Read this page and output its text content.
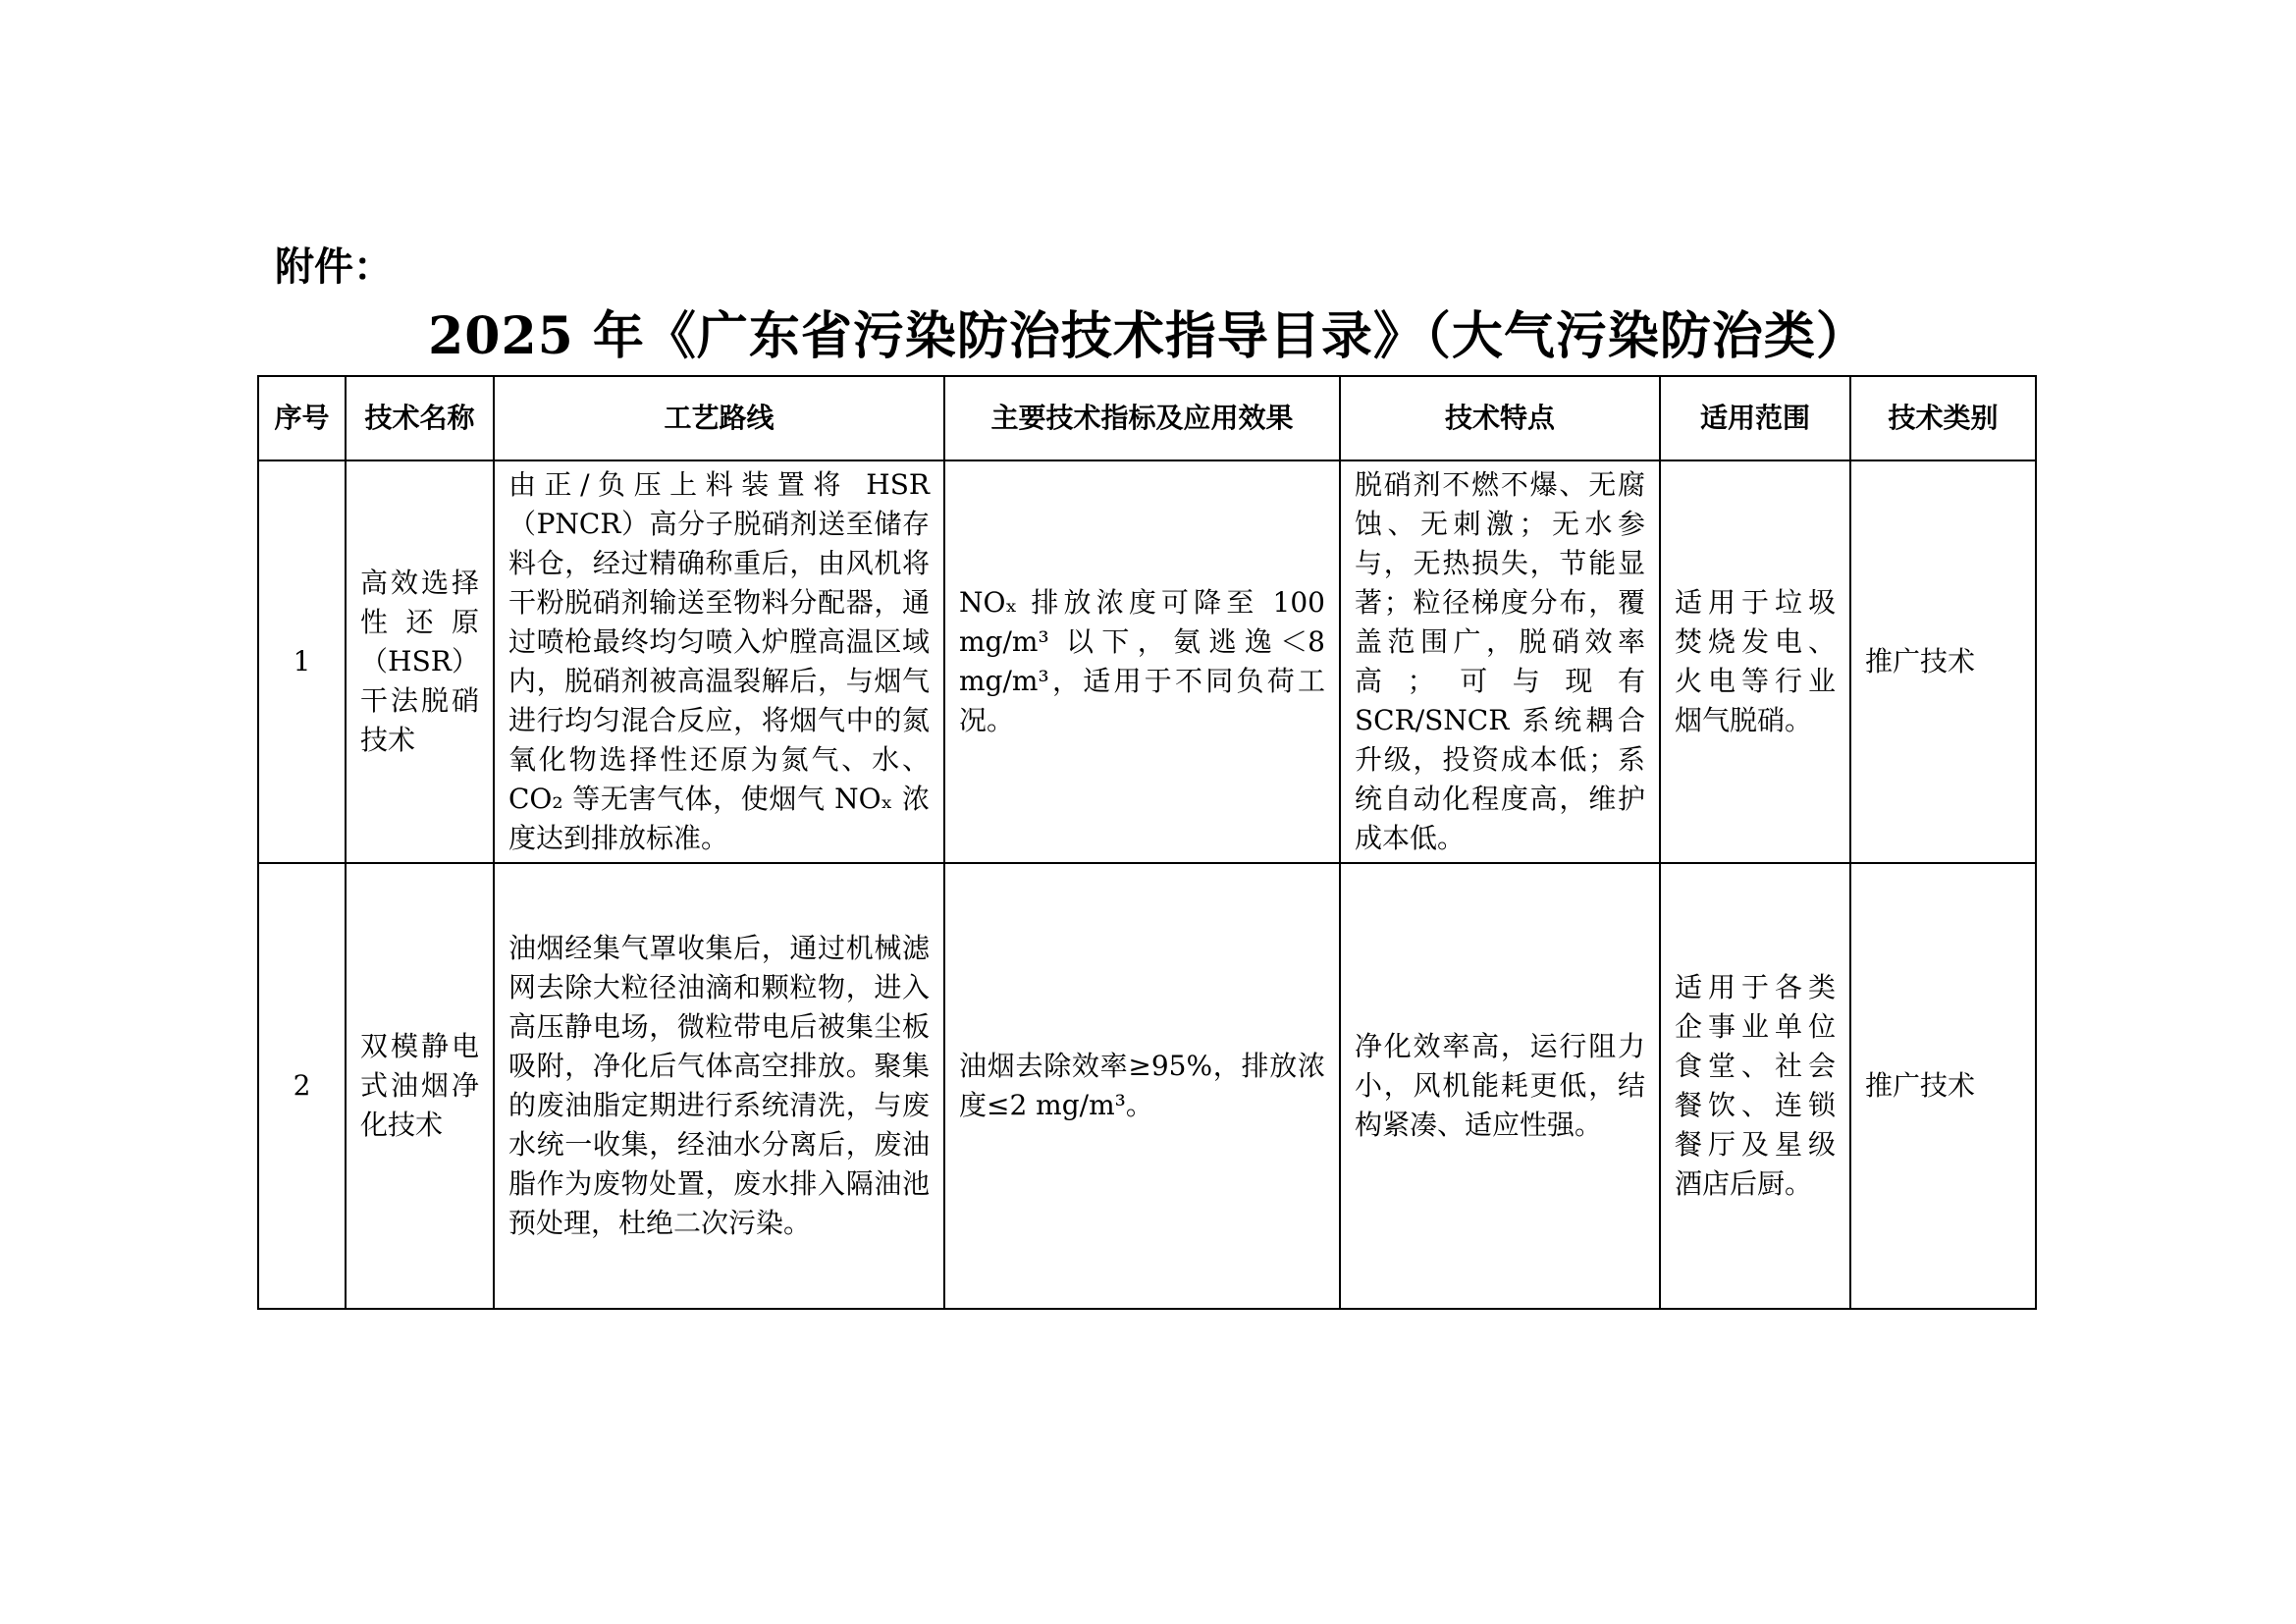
附件：
2025 年《广东省污染防治技术指导目录》（大气污染防治类）
序号	技术名称	工艺路线	主要技术指标及应用效果	技术特点	适用范围	技术类别
1	高效选择性还原（HSR）干法脱硝技术	由正/负压上料装置将 HSR（PNCR）高分子脱硝剂送至储存料仓，经过精确称重后，由风机将干粉脱硝剂输送至物料分配器，通过喷枪最终均匀喷入炉膛高温区域内，脱硝剂被高温裂解后，与烟气进行均匀混合反应，将烟气中的氮氧化物选择性还原为氮气、水、CO₂ 等无害气体，使烟气 NOₓ 浓度达到排放标准。	NOₓ 排放浓度可降至 100 mg/m³ 以下，氨逃逸＜8 mg/m³，适用于不同负荷工况。	脱硝剂不燃不爆、无腐蚀、无刺激；无水参与，无热损失，节能显著；粒径梯度分布，覆盖范围广，脱硝效率高；可与现有 SCR/SNCR 系统耦合升级，投资成本低；系统自动化程度高，维护成本低。	适用于垃圾焚烧发电、火电等行业烟气脱硝。	推广技术
2	双模静电式油烟净化技术	油烟经集气罩收集后，通过机械滤网去除大粒径油滴和颗粒物，进入高压静电场，微粒带电后被集尘板吸附，净化后气体高空排放。聚集的废油脂定期进行系统清洗，与废水统一收集，经油水分离后，废油脂作为废物处置，废水排入隔油池预处理，杜绝二次污染。	油烟去除效率≥95%，排放浓度≤2 mg/m³。	净化效率高，运行阻力小，风机能耗更低，结构紧凑、适应性强。	适用于各类企事业单位食堂、社会餐饮、连锁餐厅及星级酒店后厨。	推广技术
